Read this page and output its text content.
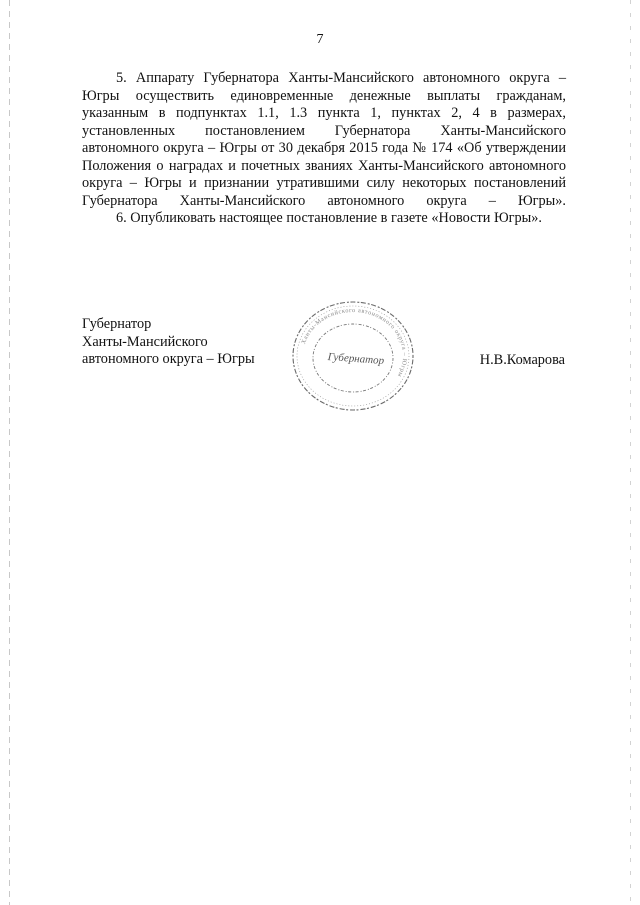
7

5. Аппарату Губернатора Ханты-Мансийского автономного округа – Югры осуществить единовременные денежные выплаты гражданам, указанным в подпунктах 1.1, 1.3 пункта 1, пунктах 2, 4 в размерах, установленных постановлением Губернатора Ханты-Мансийского автономного округа – Югры от 30 декабря 2015 года № 174 «Об утверждении Положения о наградах и почетных званиях Ханты-Мансийского автономного округа – Югры и признании утратившими силу некоторых постановлений Губернатора Ханты-Мансийского автономного округа – Югры».

6. Опубликовать настоящее постановление в газете «Новости Югры».

Губернатор
Ханты-Мансийского
автономного округа – Югры
Ханты-Мансийского автономного округа – Югры
Губернатор	Н.В.Комарова
